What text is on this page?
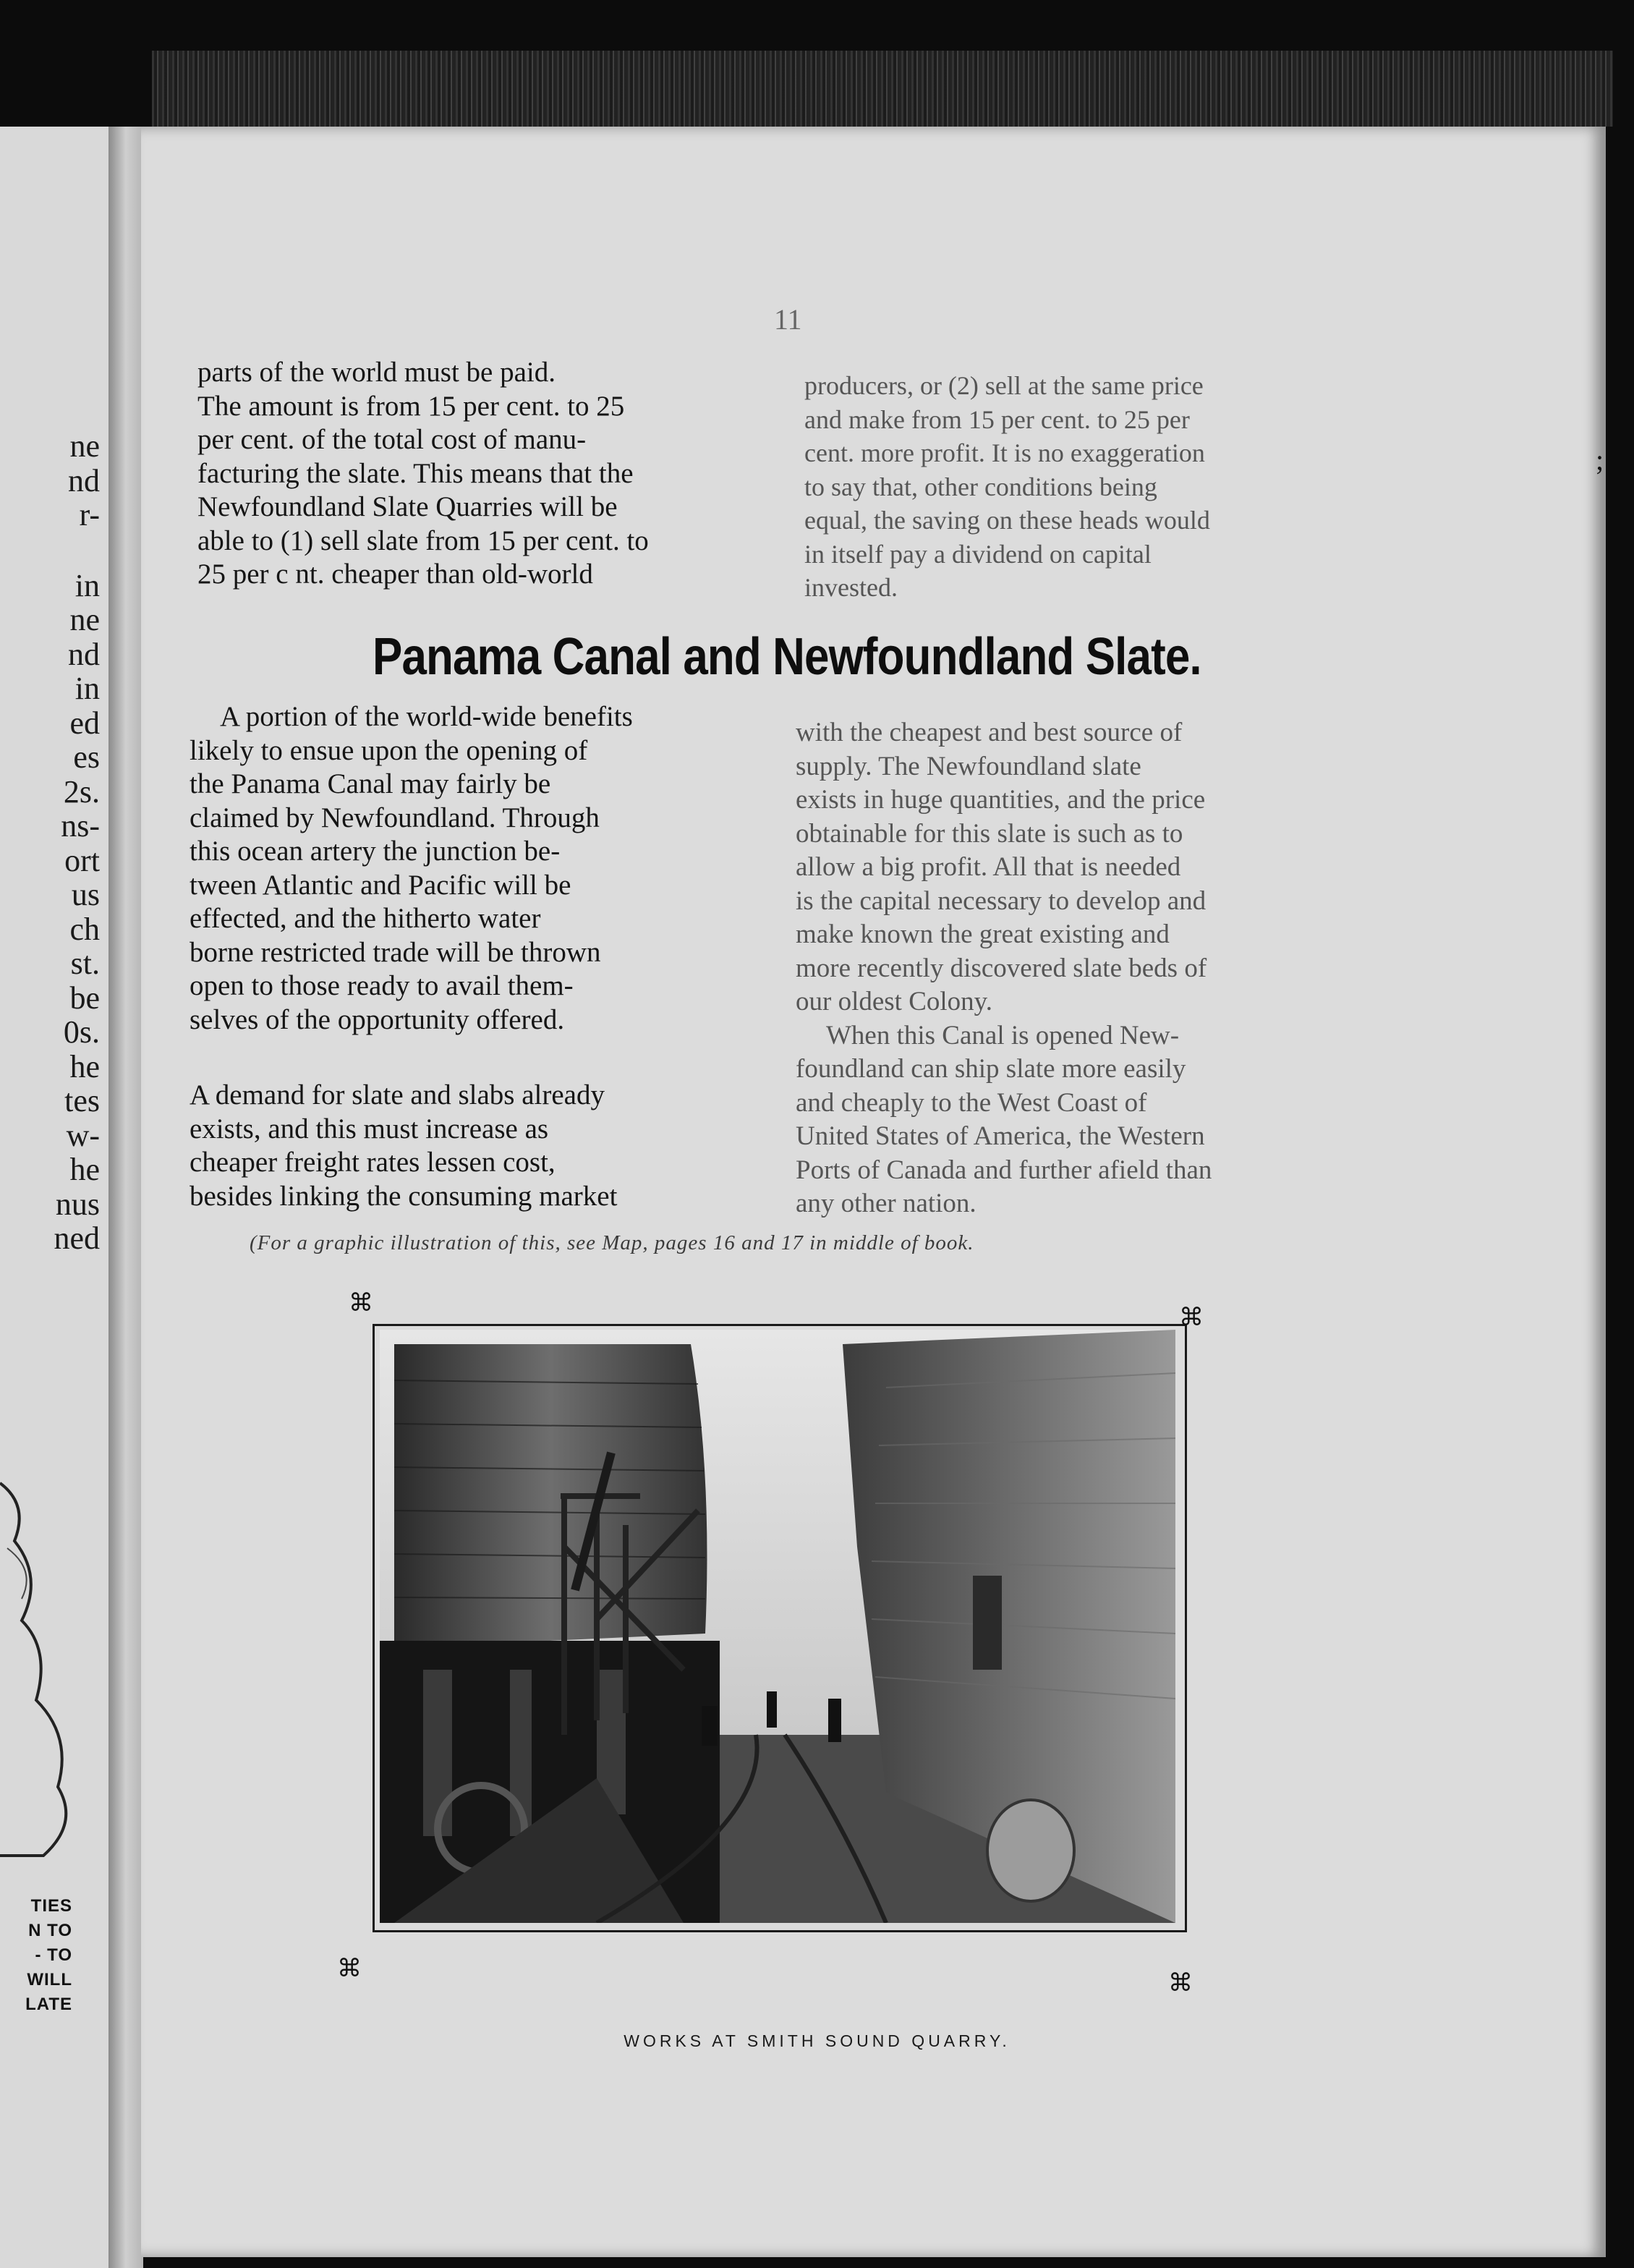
ne
nd
r-
in
ne
nd
in
ed
es
2s.
ns-
ort
us
ch
st.
be
0s.
he
tes
w-
he
nus
ned
TIES
N TO
- TO
WILL
LATE
11
;
parts of the world must be paid.
The amount is from 15 per cent. to 25
per cent. of the total cost of manu-
facturing the slate. This means that the
Newfoundland Slate Quarries will be
able to (1) sell slate from 15 per cent. to
25 per c nt. cheaper than old-world
producers, or (2) sell at the same price
and make from 15 per cent. to 25 per
cent. more profit. It is no exaggeration
to say that, other conditions being
equal, the saving on these heads would
in itself pay a dividend on capital
invested.
Panama Canal and Newfoundland Slate.
A portion of the world-wide benefits
likely to ensue upon the opening of
the Panama Canal may fairly be
claimed by Newfoundland. Through
this ocean artery the junction be-
tween Atlantic and Pacific will be
effected, and the hitherto water
borne restricted trade will be thrown
open to those ready to avail them-
selves of the opportunity offered.
A demand for slate and slabs already
exists, and this must increase as
cheaper freight rates lessen cost,
besides linking the consuming market
with the cheapest and best source of
supply. The Newfoundland slate
exists in huge quantities, and the price
obtainable for this slate is such as to
allow a big profit. All that is needed
is the capital necessary to develop and
make known the great existing and
more recently discovered slate beds of
our oldest Colony.
When this Canal is opened New-
foundland can ship slate more easily
and cheaply to the West Coast of
United States of America, the Western
Ports of Canada and further afield than
any other nation.
(For a graphic illustration of this, see Map, pages 16 and 17 in middle of book.
⌘
⌘
⌘
⌘
WORKS AT SMITH SOUND QUARRY.
